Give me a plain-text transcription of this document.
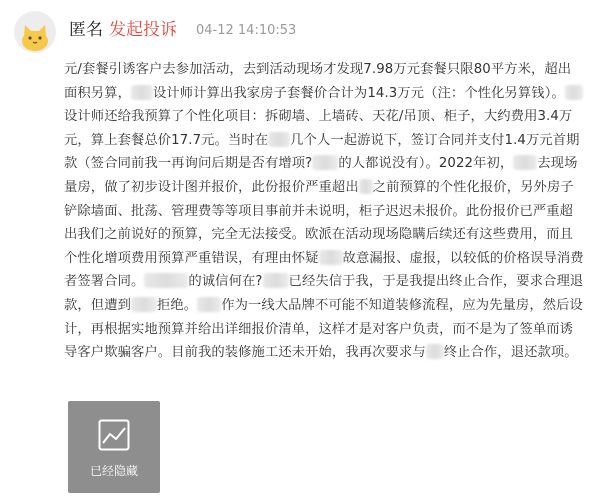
匿名 发起投诉 04-12 14:10:53

元/套餐引诱客户去参加活动，去到活动现场才发现7.98万元套餐只限80平方米，超出面积另算， 设计师计算出我家房子套餐价合计为14.3万元（注：个性化另算钱）。设计师还给我预算了个性化项目：拆砌墙、上墙砖、天花/吊顶、柜子，大约费用3.4万元，算上套餐总价17.7元。当时在 几个人一起游说下，签订合同并支付1.4万元首期款（签合同前我一再询问后期是否有增项? 的人都说没有）。2022年初， 去现场量房，做了初步设计图并报价，此份报价严重超出 之前预算的个性化报价，另外房子铲除墙面、批荡、管理费等等项目事前并未说明，柜子迟迟未报价。此份报价已严重超出我们之前说好的预算，完全无法接受。欧派在活动现场隐瞒后续还有这些费用，而且个性化增项费用预算严重错误，有理由怀疑 故意漏报、虚报，以较低的价格误导消费者签署合同。	的诚信何在? 已经失信于我，于是我提出终止合作，要求合理退款，但遭到 拒绝。 作为一线大品牌不可能不知道装修流程，应为先量房，然后设计，再根据实地预算并给出详细报价清单，这样才是对客户负责，而不是为了签单而诱导客户欺骗客户。目前我的装修施工还未开始，我再次要求与 终止合作，退还款项。

已经隐藏
